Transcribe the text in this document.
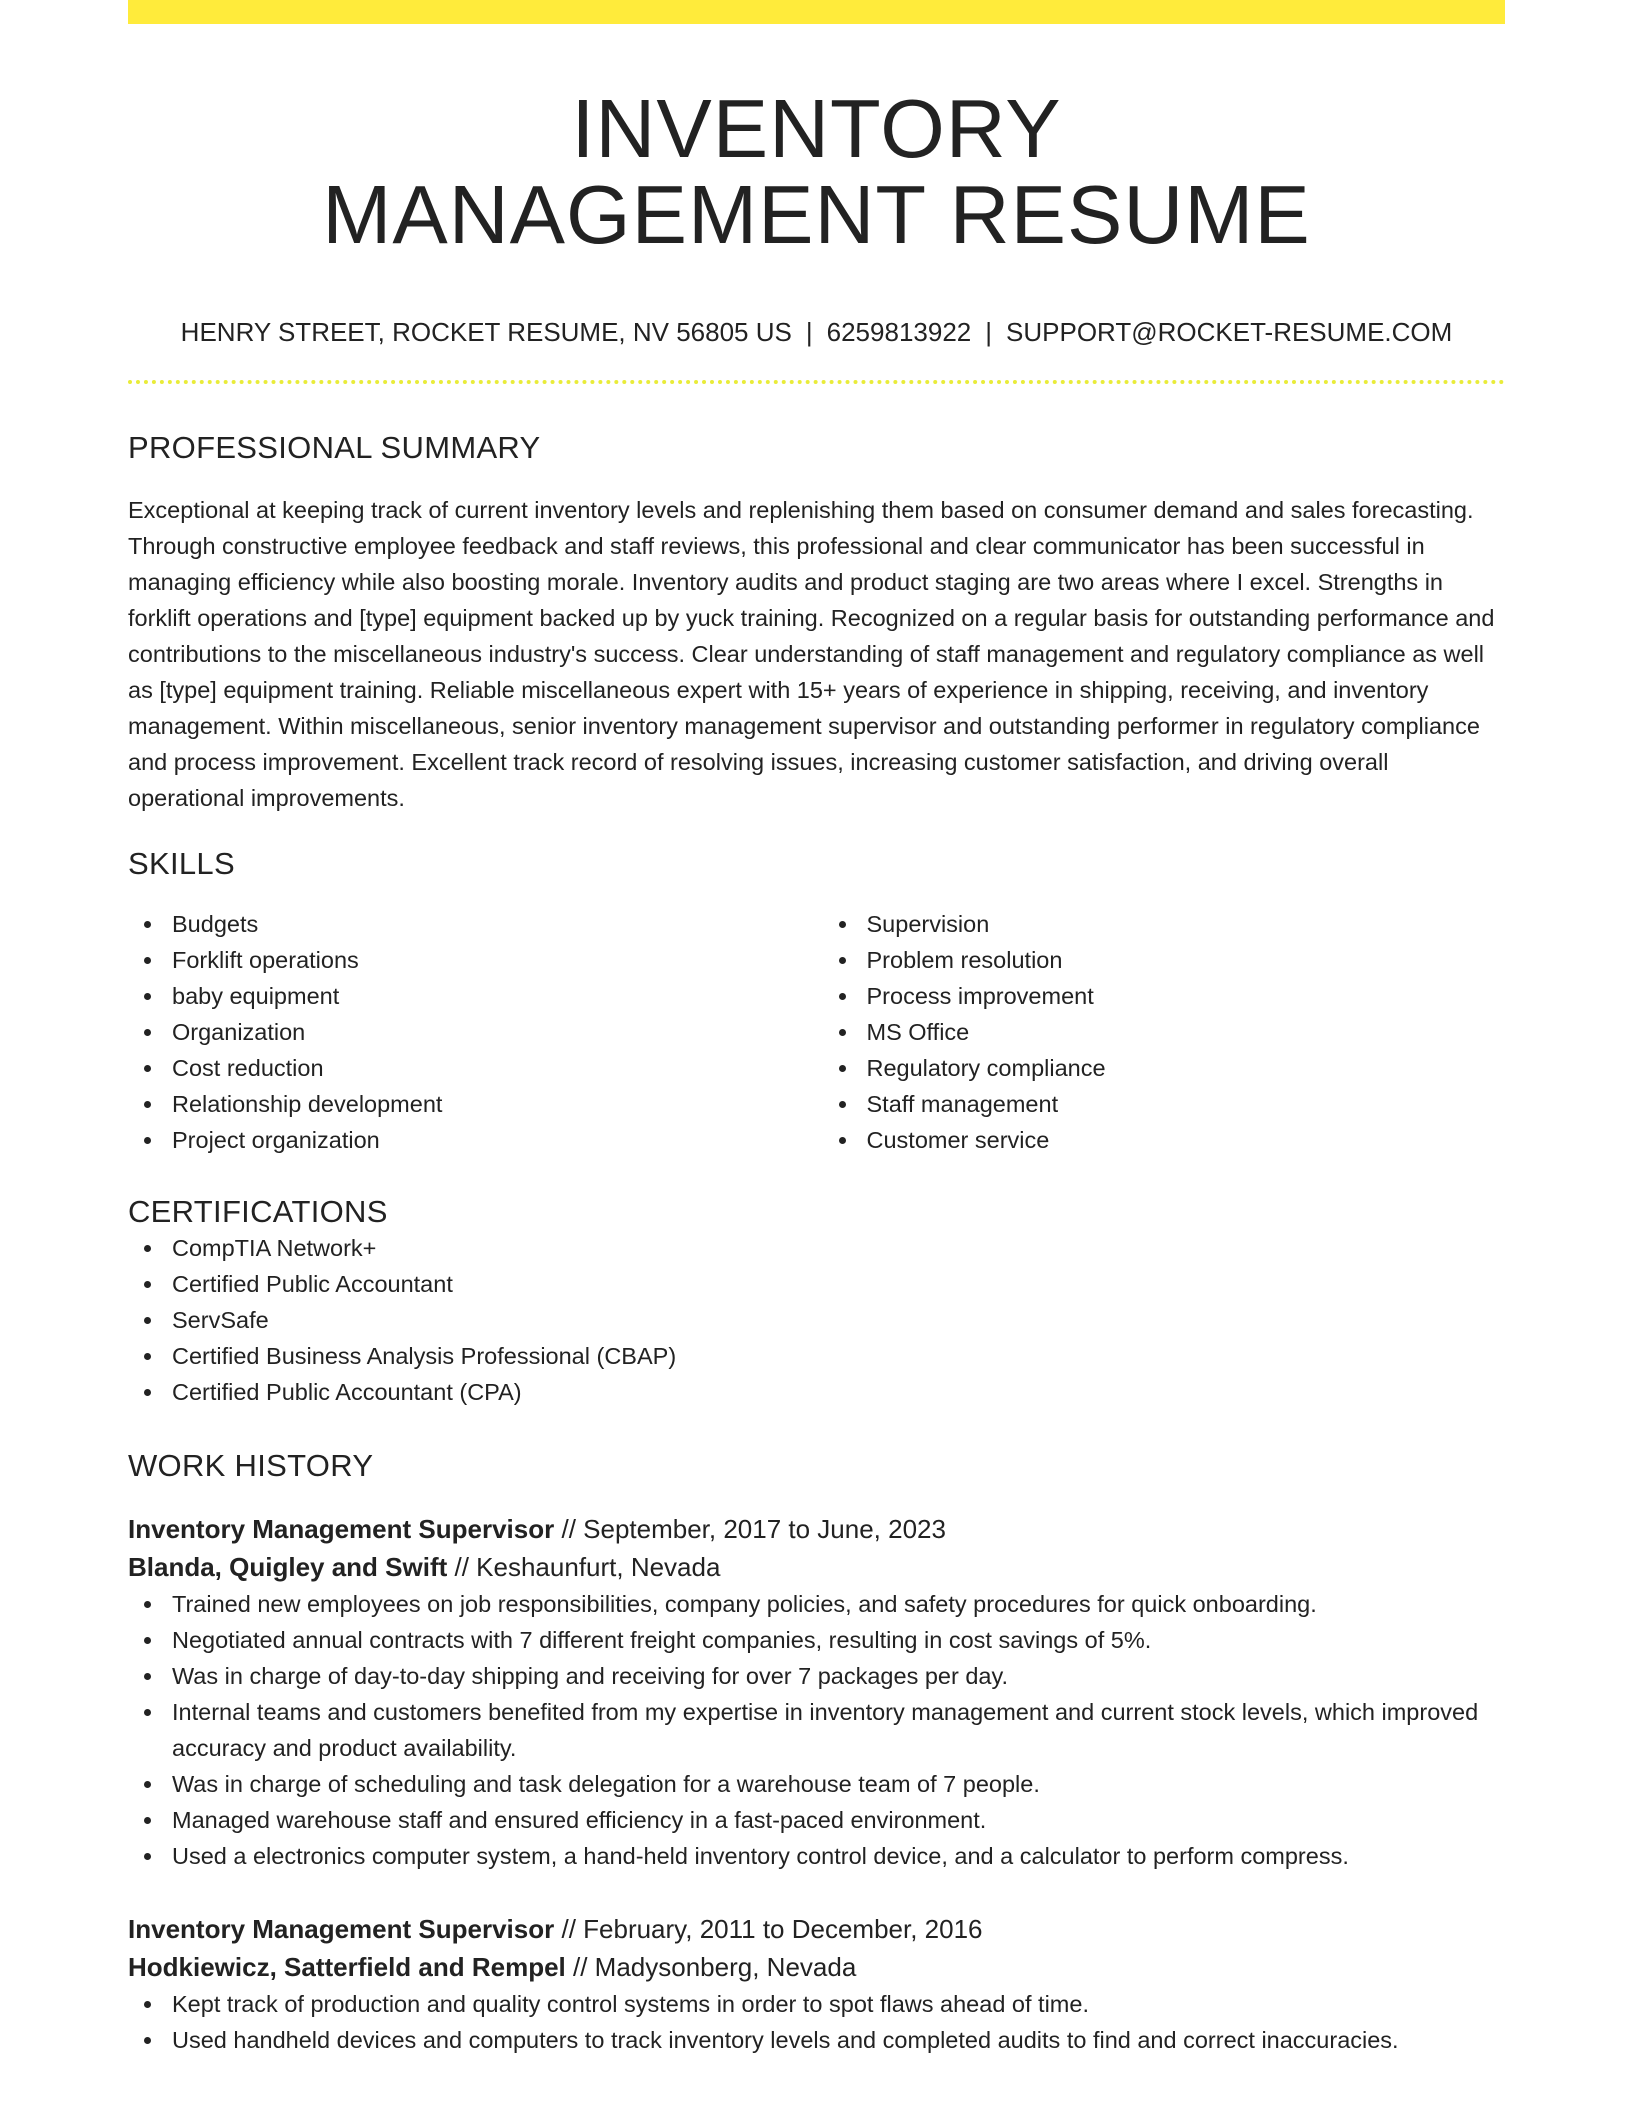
INVENTORY
MANAGEMENT RESUME
HENRY STREET, ROCKET RESUME, NV 56805 US | 6259813922 | SUPPORT@ROCKET-RESUME.COM
PROFESSIONAL SUMMARY

Exceptional at keeping track of current inventory levels and replenishing them based on consumer demand and sales forecasting. Through constructive employee feedback and staff reviews, this professional and clear communicator has been successful in managing efficiency while also boosting morale. Inventory audits and product staging are two areas where I excel. Strengths in forklift operations and [type] equipment backed up by yuck training. Recognized on a regular basis for outstanding performance and contributions to the miscellaneous industry's success. Clear understanding of staff management and regulatory compliance as well as [type] equipment training. Reliable miscellaneous expert with 15+ years of experience in shipping, receiving, and inventory management. Within miscellaneous, senior inventory management supervisor and outstanding performer in regulatory compliance and process improvement. Excellent track record of resolving issues, increasing customer satisfaction, and driving overall operational improvements.

SKILLS
Budgets
Forklift operations
baby equipment
Organization
Cost reduction
Relationship development
Project organization
Supervision
Problem resolution
Process improvement
MS Office
Regulatory compliance
Staff management
Customer service
CERTIFICATIONS
CompTIA Network+
Certified Public Accountant
ServSafe
Certified Business Analysis Professional (CBAP)
Certified Public Accountant (CPA)
WORK HISTORY
Inventory Management Supervisor // September, 2017 to June, 2023
Blanda, Quigley and Swift // Keshaunfurt, Nevada
Trained new employees on job responsibilities, company policies, and safety procedures for quick onboarding.
Negotiated annual contracts with 7 different freight companies, resulting in cost savings of 5%.
Was in charge of day-to-day shipping and receiving for over 7 packages per day.
Internal teams and customers benefited from my expertise in inventory management and current stock levels, which improved accuracy and product availability.
Was in charge of scheduling and task delegation for a warehouse team of 7 people.
Managed warehouse staff and ensured efficiency in a fast-paced environment.
Used a electronics computer system, a hand-held inventory control device, and a calculator to perform compress.
Inventory Management Supervisor // February, 2011 to December, 2016
Hodkiewicz, Satterfield and Rempel // Madysonberg, Nevada
Kept track of production and quality control systems in order to spot flaws ahead of time.
Used handheld devices and computers to track inventory levels and completed audits to find and correct inaccuracies.
